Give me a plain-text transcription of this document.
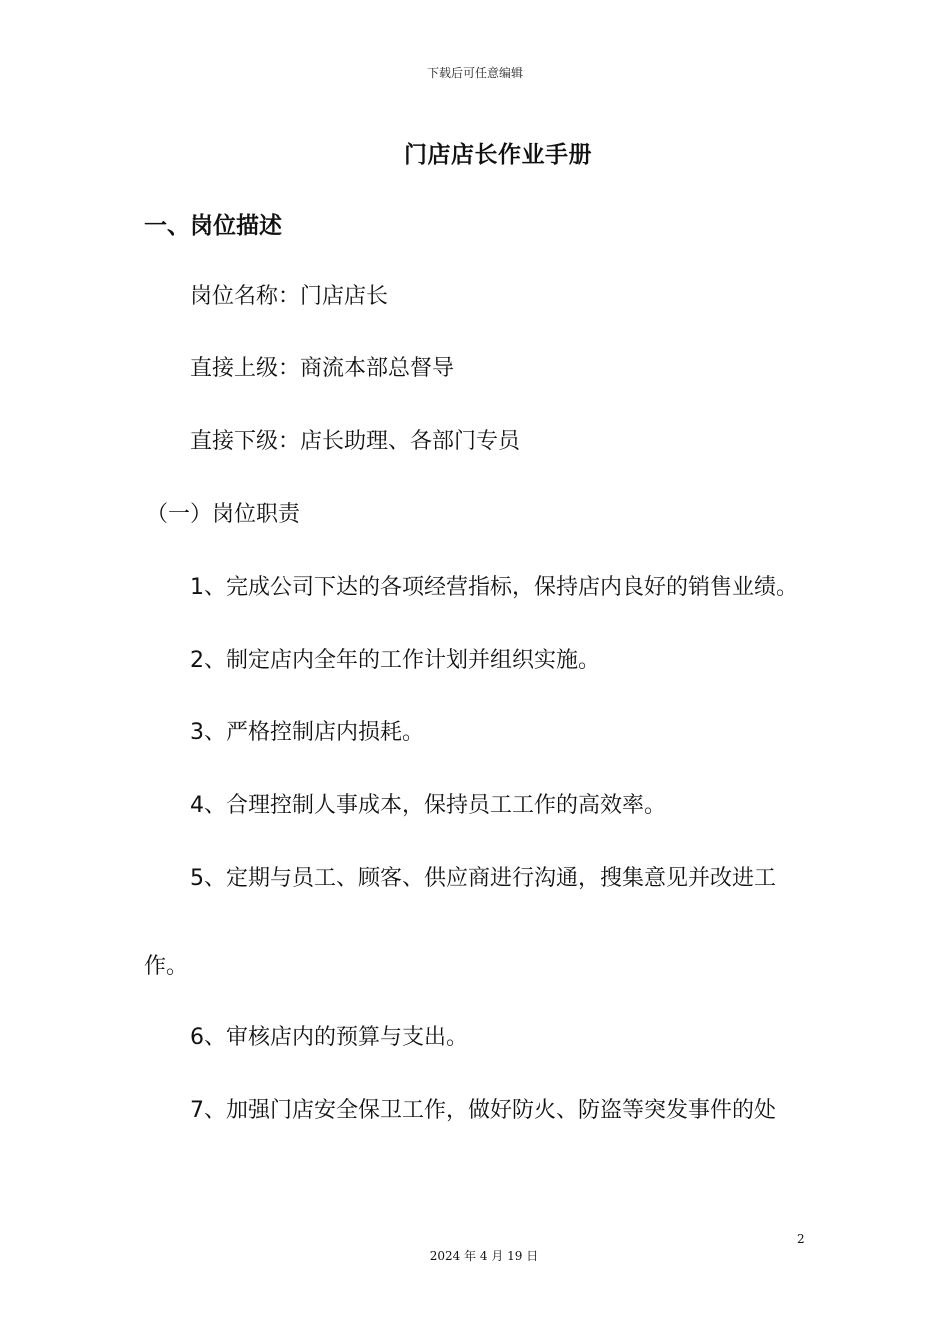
下载后可任意编辑
门店店长作业手册
一、岗位描述
岗位名称：门店店长
直接上级：商流本部总督导
直接下级：店长助理、各部门专员
（一）岗位职责
1、完成公司下达的各项经营指标，保持店内良好的销售业绩。
2、制定店内全年的工作计划并组织实施。
3、严格控制店内损耗。
4、合理控制人事成本，保持员工工作的高效率。
5、定期与员工、顾客、供应商进行沟通，搜集意见并改进工
作。
6、审核店内的预算与支出。
7、加强门店安全保卫工作，做好防火、防盗等突发事件的处
2
2024 年 4 月 19 日
